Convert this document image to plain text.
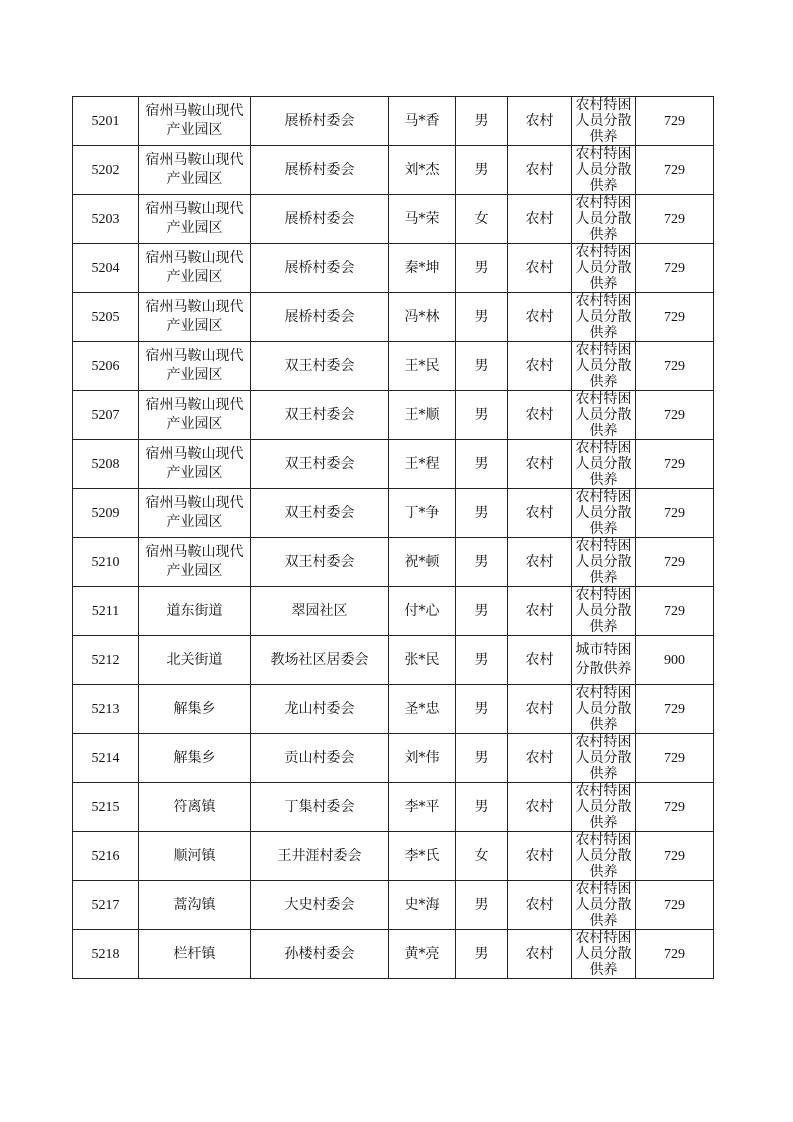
5201	宿州马鞍山现代产业园区	展桥村委会	马*香	男	农村	农村特困人员分散供养	729
5202	宿州马鞍山现代产业园区	展桥村委会	刘*杰	男	农村	农村特困人员分散供养	729
5203	宿州马鞍山现代产业园区	展桥村委会	马*荣	女	农村	农村特困人员分散供养	729
5204	宿州马鞍山现代产业园区	展桥村委会	秦*坤	男	农村	农村特困人员分散供养	729
5205	宿州马鞍山现代产业园区	展桥村委会	冯*林	男	农村	农村特困人员分散供养	729
5206	宿州马鞍山现代产业园区	双王村委会	王*民	男	农村	农村特困人员分散供养	729
5207	宿州马鞍山现代产业园区	双王村委会	王*顺	男	农村	农村特困人员分散供养	729
5208	宿州马鞍山现代产业园区	双王村委会	王*程	男	农村	农村特困人员分散供养	729
5209	宿州马鞍山现代产业园区	双王村委会	丁*争	男	农村	农村特困人员分散供养	729
5210	宿州马鞍山现代产业园区	双王村委会	祝*顿	男	农村	农村特困人员分散供养	729
5211	道东街道	翠园社区	付*心	男	农村	农村特困人员分散供养	729
5212	北关街道	教场社区居委会	张*民	男	农村	城市特困分散供养	900
5213	解集乡	龙山村委会	圣*忠	男	农村	农村特困人员分散供养	729
5214	解集乡	贡山村委会	刘*伟	男	农村	农村特困人员分散供养	729
5215	符离镇	丁集村委会	李*平	男	农村	农村特困人员分散供养	729
5216	顺河镇	王井涯村委会	李*氏	女	农村	农村特困人员分散供养	729
5217	蒿沟镇	大史村委会	史*海	男	农村	农村特困人员分散供养	729
5218	栏杆镇	孙楼村委会	黄*亮	男	农村	农村特困人员分散供养	729
